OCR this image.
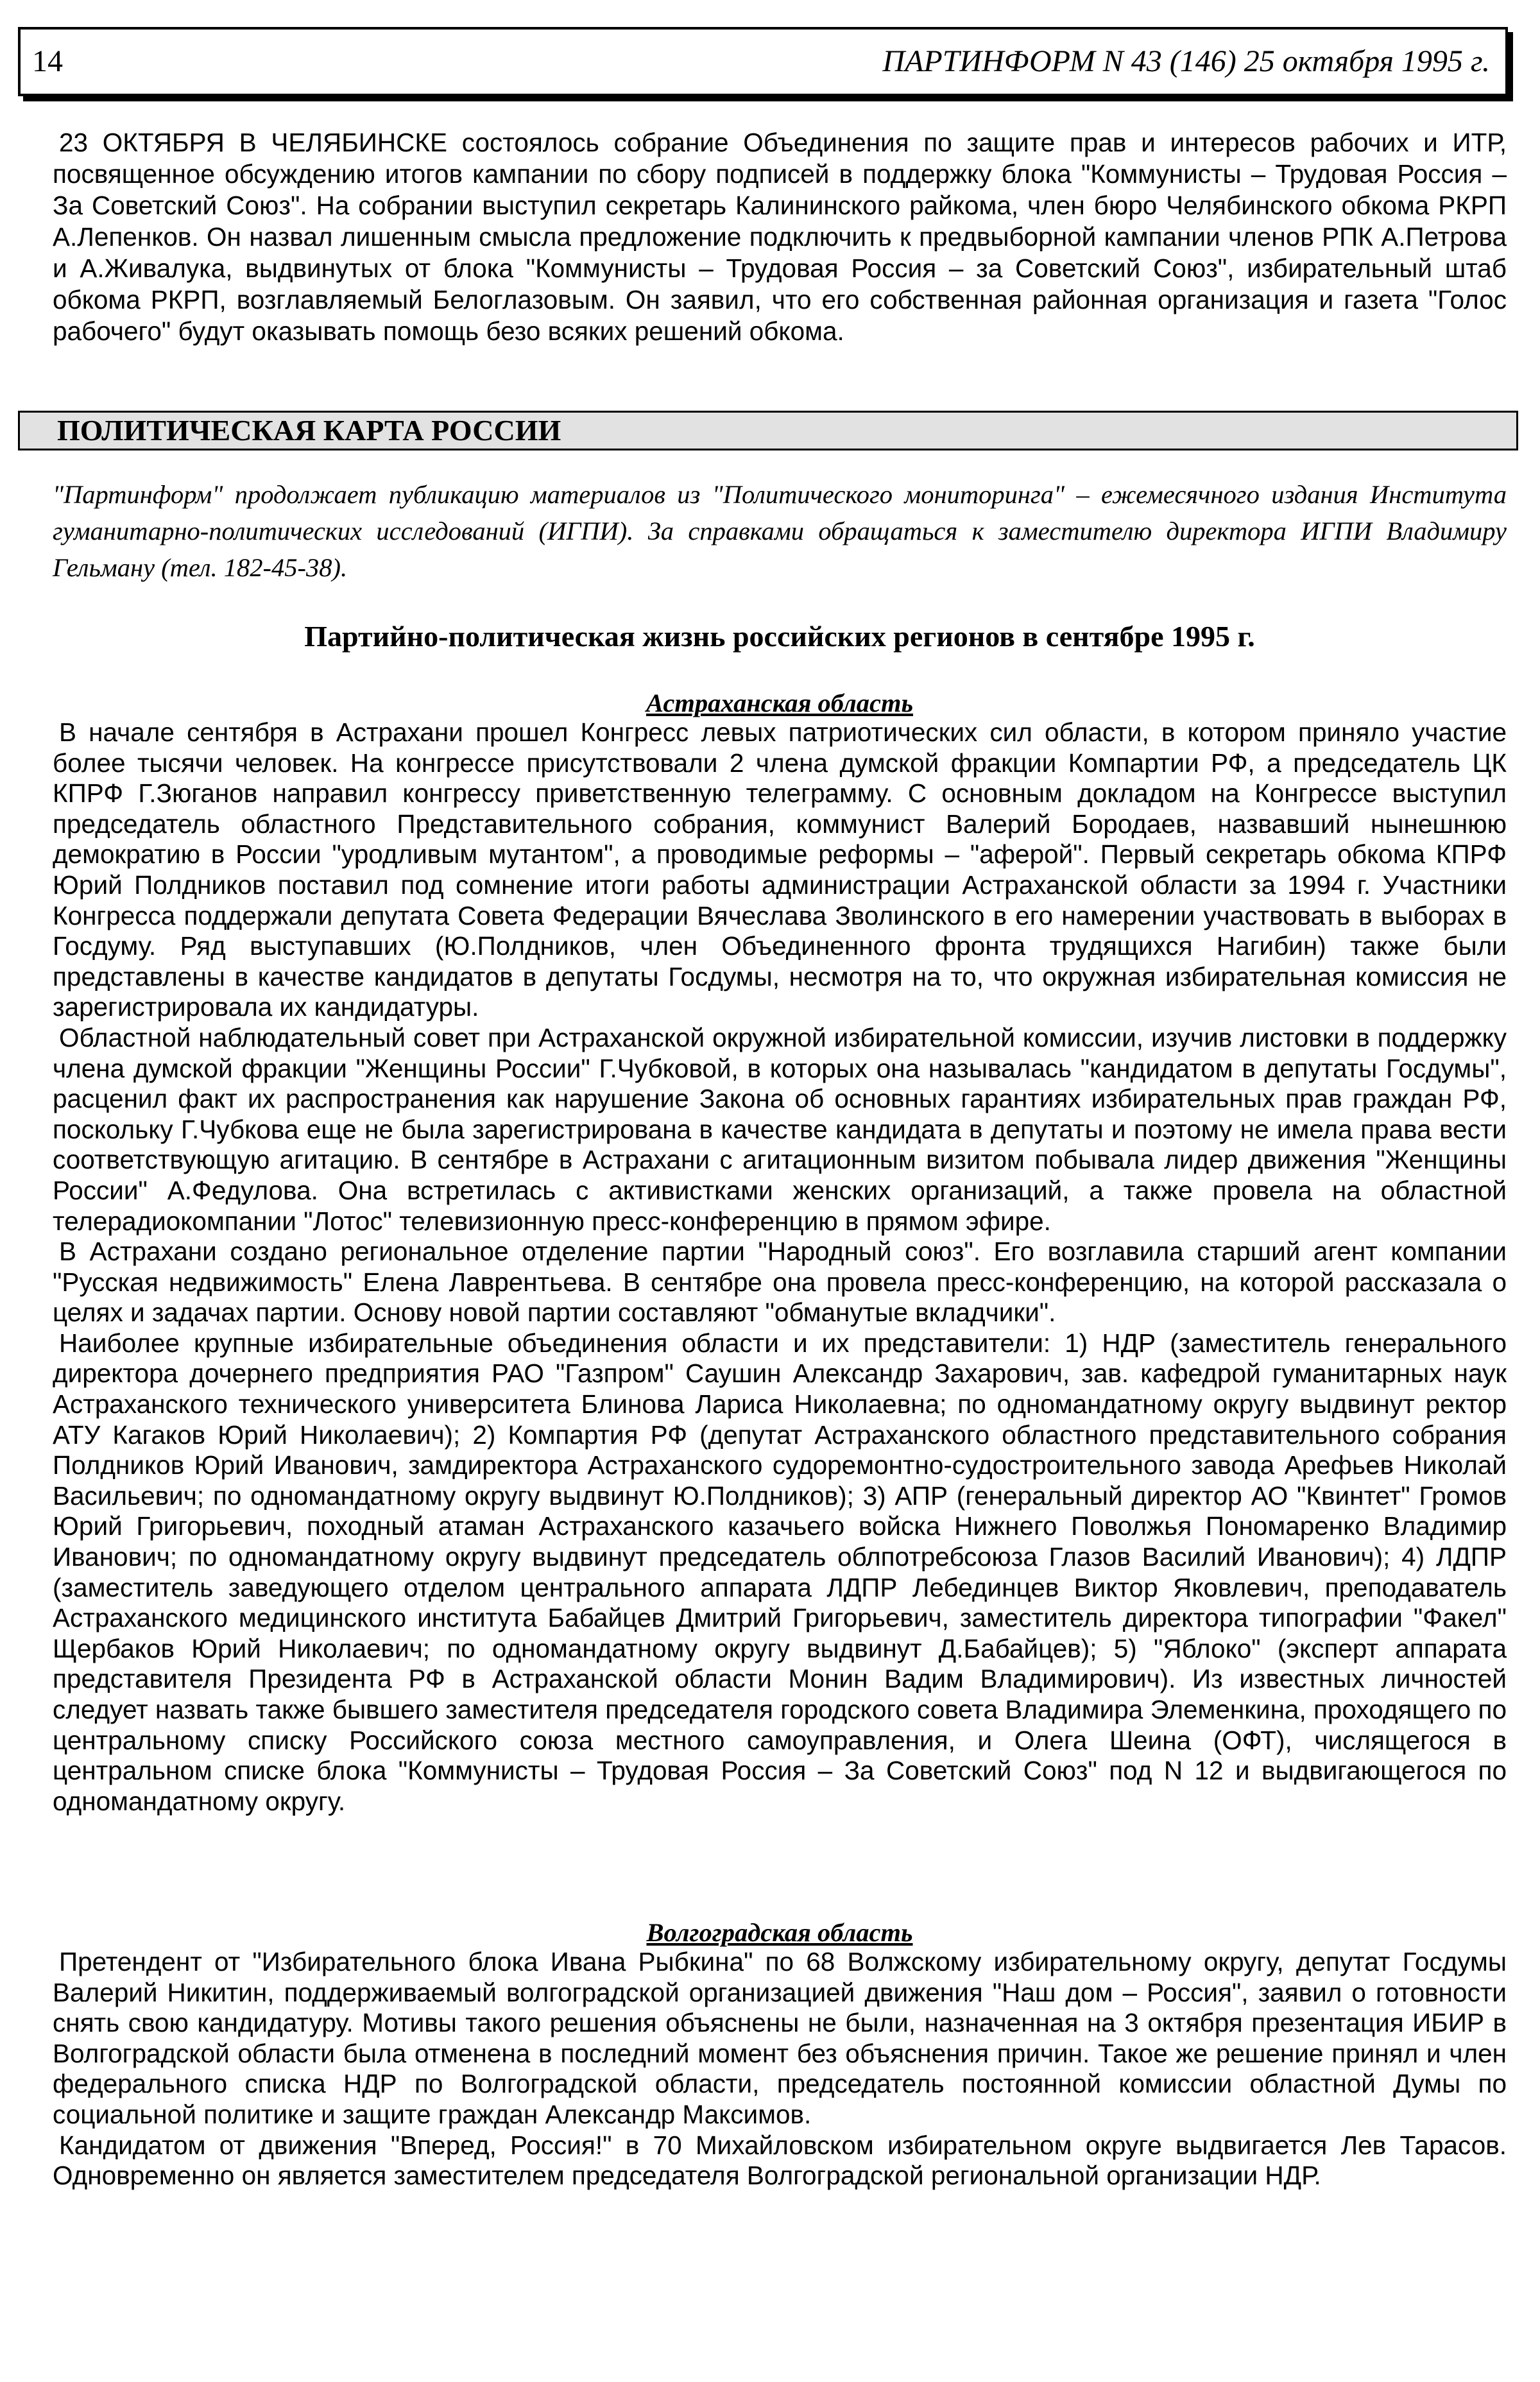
14	ПАРТИНФОРМ N 43 (146) 25 октября 1995 г.

23 ОКТЯБРЯ В ЧЕЛЯБИНСКЕ состоялось собрание Объединения по защите прав и интересов рабочих и ИТР, посвященное обсуждению итогов кампании по сбору подписей в поддержку блока "Коммунисты – Трудовая Россия – За Советский Союз". На собрании выступил секретарь Калининского райкома, член бюро Челябинского обкома РКРП А.Лепенков. Он назвал лишенным смысла предложение подключить к предвыборной кампании членов РПК А.Петрова и А.Живалука, выдвинутых от блока "Коммунисты – Трудовая Россия – за Советский Союз", избирательный штаб обкома РКРП, возглавляемый Белоглазовым. Он заявил, что его собственная районная организация и газета "Голос рабочего" будут оказывать помощь безо всяких решений обкома.

ПОЛИТИЧЕСКАЯ КАРТА РОССИИ

"Партинформ" продолжает публикацию материалов из "Политического мониторинга" – ежемесячного издания Института гуманитарно-политических исследований (ИГПИ). За справками обращаться к заместителю директора ИГПИ Владимиру Гельману (тел. 182-45-38).

Партийно-политическая жизнь российских регионов в сентябре 1995 г.
Астраханская область

В начале сентября в Астрахани прошел Конгресс левых патриотических сил области, в котором приняло участие более тысячи человек. На конгрессе присутствовали 2 члена думской фракции Компартии РФ, а председатель ЦК КПРФ Г.Зюганов направил конгрессу приветственную телеграмму. С основным докладом на Конгрессе выступил председатель областного Представительного собрания, коммунист Валерий Бородаев, назвавший нынешнюю демократию в России "уродливым мутантом", а проводимые реформы – "аферой". Первый секретарь обкома КПРФ Юрий Полдников поставил под сомнение итоги работы администрации Астраханской области за 1994 г. Участники Конгресса поддержали депутата Совета Федерации Вячеслава Зволинского в его намерении участвовать в выборах в Госдуму. Ряд выступавших (Ю.Полдников, член Объединенного фронта трудящихся Нагибин) также были представлены в качестве кандидатов в депутаты Госдумы, несмотря на то, что окружная избирательная комиссия не зарегистрировала их кандидатуры.

Областной наблюдательный совет при Астраханской окружной избирательной комиссии, изучив листовки в поддержку члена думской фракции "Женщины России" Г.Чубковой, в которых она называлась "кандидатом в депутаты Госдумы", расценил факт их распространения как нарушение Закона об основных гарантиях избирательных прав граждан РФ, поскольку Г.Чубкова еще не была зарегистрирована в качестве кандидата в депутаты и поэтому не имела права вести соответствующую агитацию. В сентябре в Астрахани с агитационным визитом побывала лидер движения "Женщины России" А.Федулова. Она встретилась с активистками женских организаций, а также провела на областной телерадиокомпании "Лотос" телевизионную пресс-конференцию в прямом эфире.

В Астрахани создано региональное отделение партии "Народный союз". Его возглавила старший агент компании "Русская недвижимость" Елена Лаврентьева. В сентябре она провела пресс-конференцию, на которой рассказала о целях и задачах партии. Основу новой партии составляют "обманутые вкладчики".

Наиболее крупные избирательные объединения области и их представители: 1) НДР (заместитель генерального директора дочернего предприятия РАО "Газпром" Саушин Александр Захарович, зав. кафедрой гуманитарных наук Астраханского технического университета Блинова Лариса Николаевна; по одномандатному округу выдвинут ректор АТУ Кагаков Юрий Николаевич); 2) Компартия РФ (депутат Астраханского областного представительного собрания Полдников Юрий Иванович, замдиректора Астраханского судоремонтно-судостроительного завода Арефьев Николай Васильевич; по одномандатному округу выдвинут Ю.Полдников); 3) АПР (генеральный директор АО "Квинтет" Громов Юрий Григорьевич, походный атаман Астраханского казачьего войска Нижнего Поволжья Пономаренко Владимир Иванович; по одномандатному округу выдвинут председатель облпотребсоюза Глазов Василий Иванович); 4) ЛДПР (заместитель заведующего отделом центрального аппарата ЛДПР Лебединцев Виктор Яковлевич, преподаватель Астраханского медицинского института Бабайцев Дмитрий Григорьевич, заместитель директора типографии "Факел" Щербаков Юрий Николаевич; по одномандатному округу выдвинут Д.Бабайцев); 5) "Яблоко" (эксперт аппарата представителя Президента РФ в Астраханской области Монин Вадим Владимирович). Из известных личностей следует назвать также бывшего заместителя председателя городского совета Владимира Элеменкина, проходящего по центральному списку Российского союза местного самоуправления, и Олега Шеина (ОФТ), числящегося в центральном списке блока "Коммунисты – Трудовая Россия – За Советский Союз" под N 12 и выдвигающегося по одномандатному округу.

Волгоградская область

Претендент от "Избирательного блока Ивана Рыбкина" по 68 Волжскому избирательному округу, депутат Госдумы Валерий Никитин, поддерживаемый волгоградской организацией движения "Наш дом – Россия", заявил о готовности снять свою кандидатуру. Мотивы такого решения объяснены не были, назначенная на 3 октября презентация ИБИР в Волгоградской области была отменена в последний момент без объяснения причин. Такое же решение принял и член федерального списка НДР по Волгоградской области, председатель постоянной комиссии областной Думы по социальной политике и защите граждан Александр Максимов.

Кандидатом от движения "Вперед, Россия!" в 70 Михайловском избирательном округе выдвигается Лев Тарасов. Одновременно он является заместителем председателя Волгоградской региональной организации НДР.
